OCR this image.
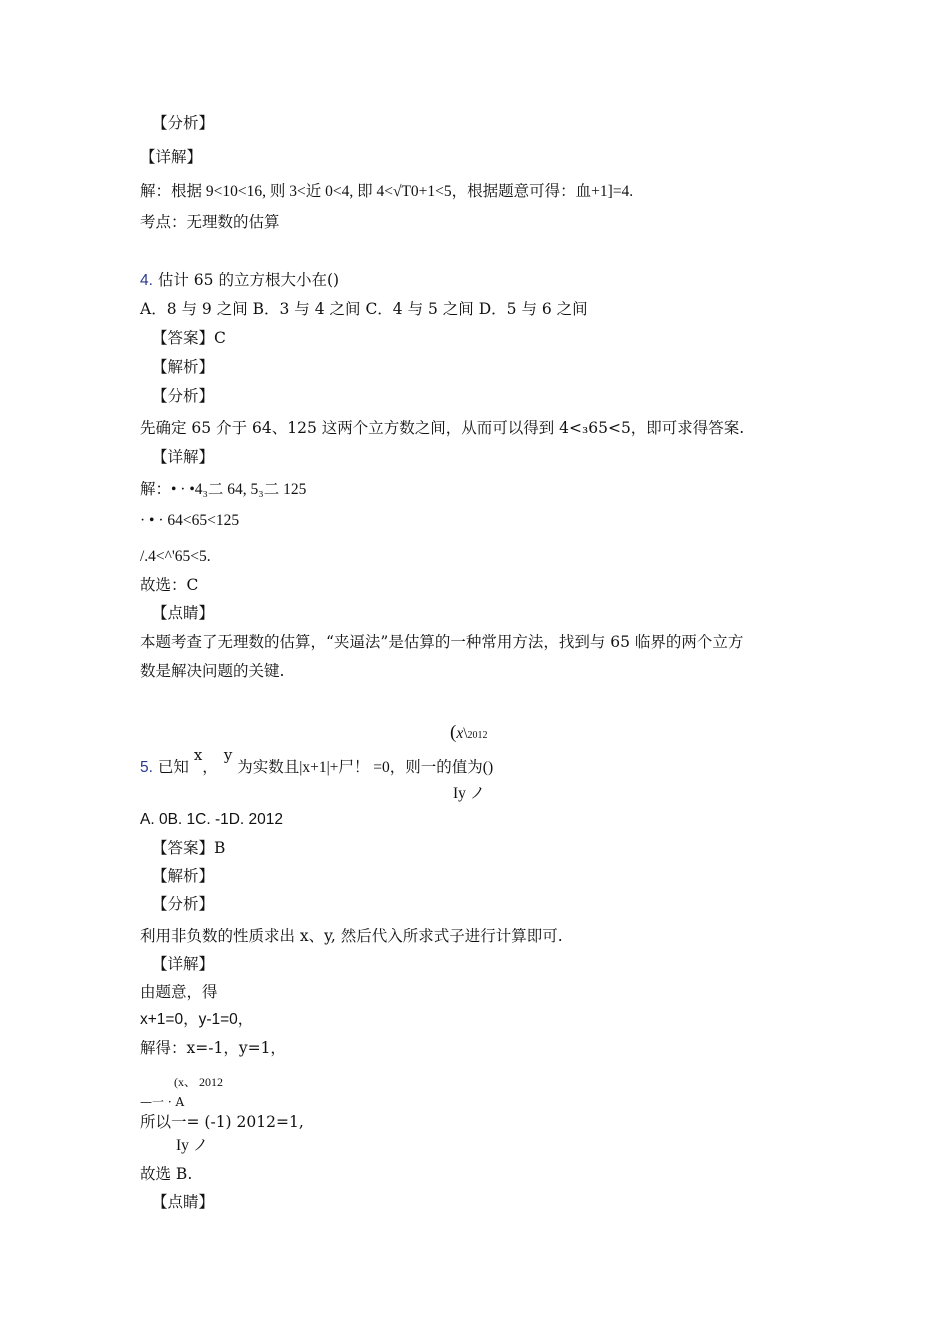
【分析】
【详解】
解：根据 9<10<16, 则 3<近 0<4, 即 4<√T0+1<5，根据题意可得：血+1]=4.
考点：无理数的估算
4. 估计 65 的立方根大小在()
A．8 与 9 之间 B．3 与 4 之间 C．4 与 5 之间 D．5 与 6 之间
【答案】C
【解析】
【分析】
先确定 65 介于 64、125 这两个立方数之间，从而可以得到 4<₃65<5，即可求得答案.
【详解】
解：• · •4₃二 64, 5₃二 125
· • · 64<65<125
/.4<^'65<5.
故选：C
【点睛】
本题考查了无理数的估算，“夹逼法”是估算的一种常用方法，找到与 65 临界的两个立方
数是解决问题的关键.
(x\2012
5. 已知 x，y 为实数且|x+1|+尸！ =0，则一的值为()
Iy ノ
A. 0B. 1C. -1D. 2012
【答案】B
【解析】
【分析】
利用非负数的性质求出 x、y, 然后代入所求式子进行计算即可.
【详解】
由题意，得
x+1=0，y-1=0，
解得：x=-1，y=1，
(x、 2012
—一 · A
所以一= (-1) 2012=1,
Iy ノ
故选 B.
【点睛】
